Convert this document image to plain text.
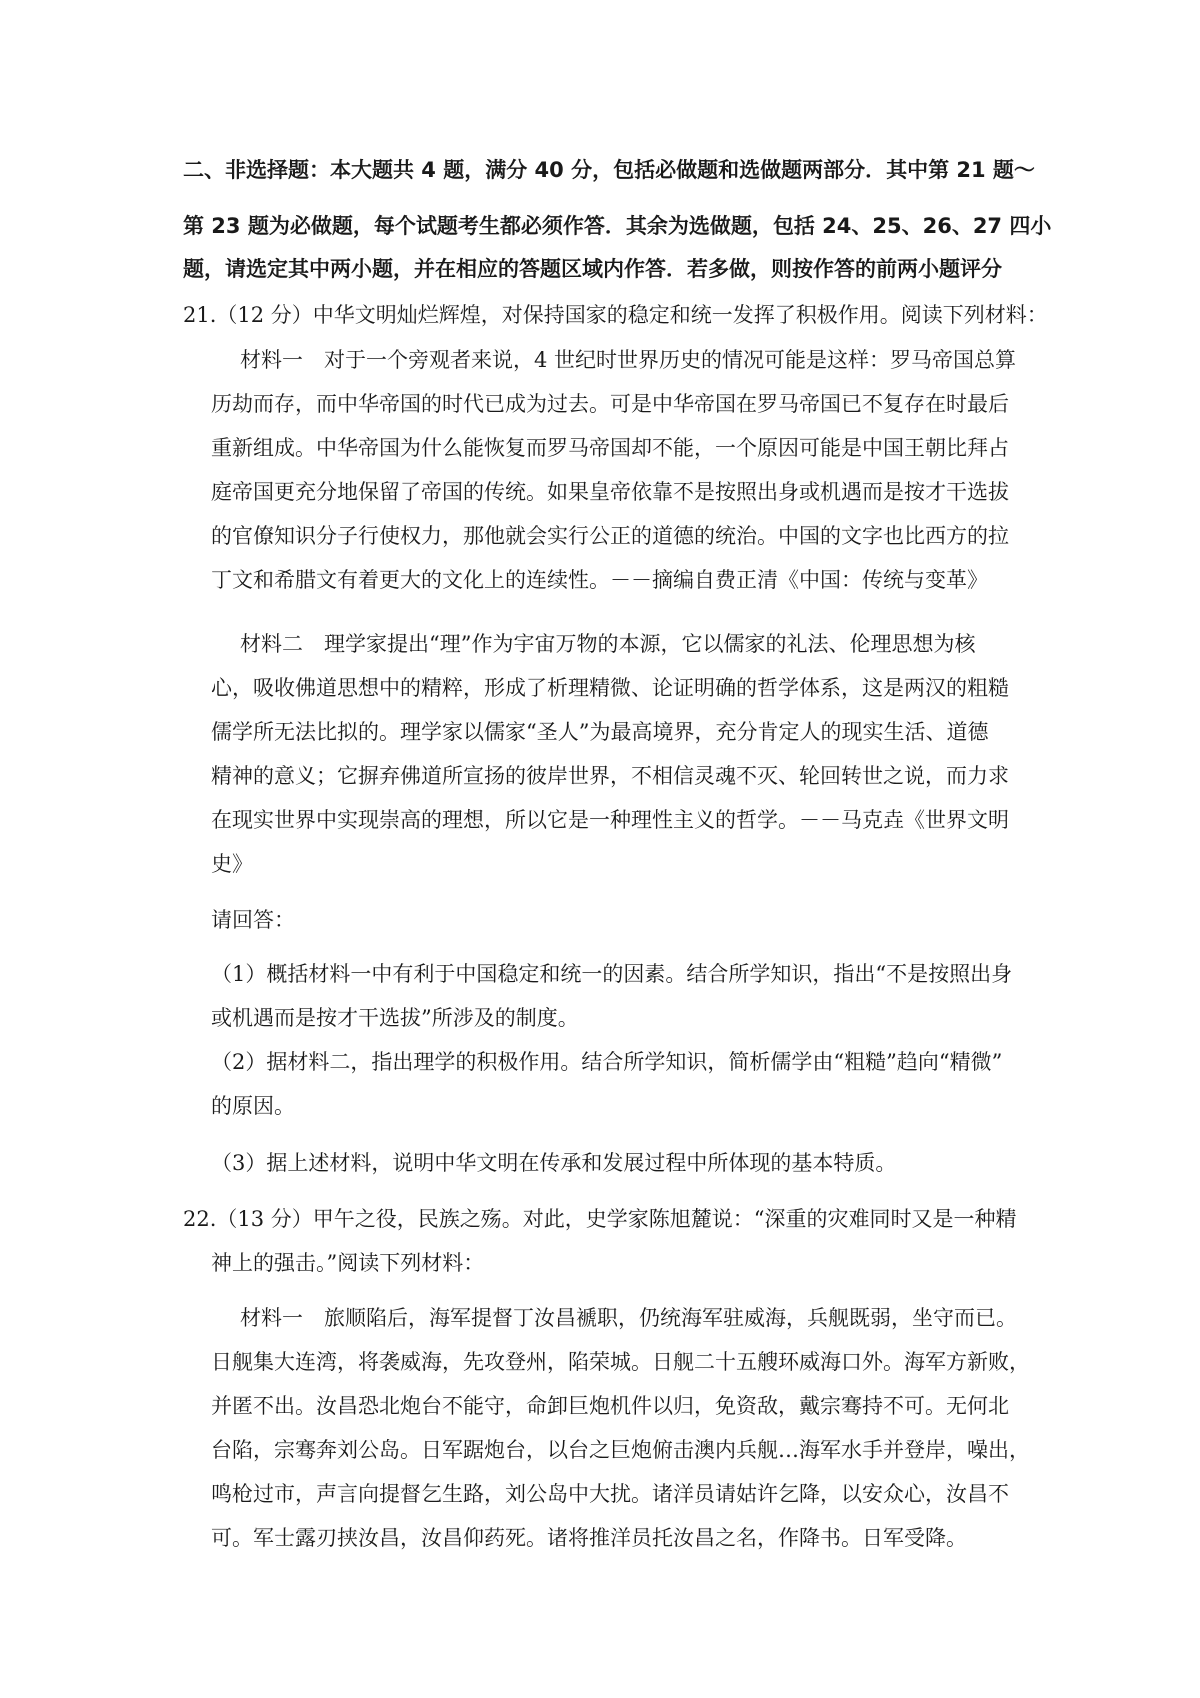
二、非选择题：本大题共 4 题，满分 40 分，包括必做题和选做题两部分．其中第 21 题～
第 23 题为必做题，每个试题考生都必须作答．其余为选做题，包括 24、25、26、27 四小
题，请选定其中两小题，并在相应的答题区域内作答．若多做，则按作答的前两小题评分
21.（12 分）中华文明灿烂辉煌，对保持国家的稳定和统一发挥了积极作用。阅读下列材料：
材料一　对于一个旁观者来说，4 世纪时世界历史的情况可能是这样：罗马帝国总算
历劫而存，而中华帝国的时代已成为过去。可是中华帝国在罗马帝国已不复存在时最后
重新组成。中华帝国为什么能恢复而罗马帝国却不能，一个原因可能是中国王朝比拜占
庭帝国更充分地保留了帝国的传统。如果皇帝依靠不是按照出身或机遇而是按才干选拔
的官僚知识分子行使权力，那他就会实行公正的道德的统治。中国的文字也比西方的拉
丁文和希腊文有着更大的文化上的连续性。－－摘编自费正清《中国：传统与变革》
材料二　理学家提出“理”作为宇宙万物的本源，它以儒家的礼法、伦理思想为核
心，吸收佛道思想中的精粹，形成了析理精微、论证明确的哲学体系，这是两汉的粗糙
儒学所无法比拟的。理学家以儒家“圣人”为最高境界，充分肯定人的现实生活、道德
精神的意义；它摒弃佛道所宣扬的彼岸世界，不相信灵魂不灭、轮回转世之说，而力求
在现实世界中实现崇高的理想，所以它是一种理性主义的哲学。－－马克垚《世界文明
史》
请回答：
（1）概括材料一中有利于中国稳定和统一的因素。结合所学知识，指出“不是按照出身
或机遇而是按才干选拔”所涉及的制度。
（2）据材料二，指出理学的积极作用。结合所学知识，简析儒学由“粗糙”趋向“精微”
的原因。
（3）据上述材料，说明中华文明在传承和发展过程中所体现的基本特质。
22.（13 分）甲午之役，民族之殇。对此，史学家陈旭麓说：“深重的灾难同时又是一种精
神上的强击。”阅读下列材料：
材料一　旅顺陷后，海军提督丁汝昌褫职，仍统海军驻威海，兵舰既弱，坐守而已。
日舰集大连湾，将袭威海，先攻登州，陷荣城。日舰二十五艘环威海口外。海军方新败，
并匿不出。汝昌恐北炮台不能守，命卸巨炮机件以归，免资敌，戴宗骞持不可。无何北
台陷，宗骞奔刘公岛。日军踞炮台，以台之巨炮俯击澳内兵舰…海军水手并登岸，噪出，
鸣枪过市，声言向提督乞生路，刘公岛中大扰。诸洋员请姑许乞降，以安众心，汝昌不
可。军士露刃挟汝昌，汝昌仰药死。诸将推洋员托汝昌之名，作降书。日军受降。
